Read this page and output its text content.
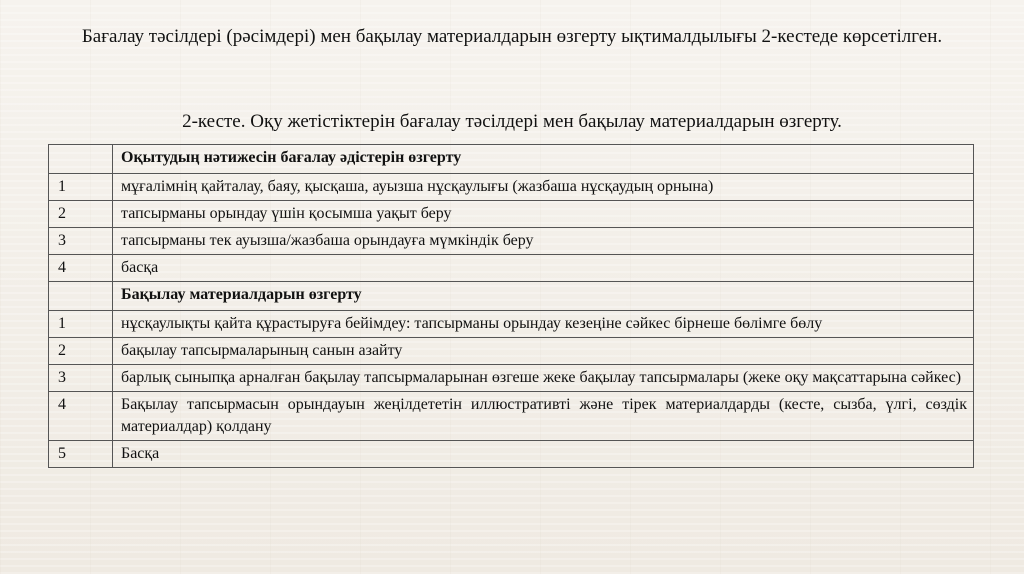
Бағалау тәсілдері (рәсімдері) мен бақылау материалдарын өзгерту ықтималдылығы 2-кестеде көрсетілген.
2-кесте. Оқу жетістіктерін бағалау тәсілдері мен бақылау материалдарын өзгерту.
	Оқытудың нәтижесін бағалау әдістерін өзгерту
1	мұғалімнің қайталау, баяу, қысқаша, ауызша нұсқаулығы (жазбаша нұсқаудың орнына)
2	тапсырманы орындау үшін қосымша уақыт беру
3	тапсырманы тек ауызша/жазбаша орындауға мүмкіндік беру
4	басқа
	Бақылау материалдарын өзгерту
1	нұсқаулықты қайта құрастыруға бейімдеу: тапсырманы орындау кезеңіне сәйкес бірнеше бөлімге бөлу
2	бақылау тапсырмаларының санын азайту
3	барлық сыныпқа арналған бақылау тапсырмаларынан өзгеше жеке бақылау тапсырмалары (жеке оқу мақсаттарына сәйкес)
4	Бақылау тапсырмасын орындауын жеңілдететін иллюстративті және тірек материалдарды (кесте, сызба, үлгі, сөздік материалдар) қолдану
5	Басқа
